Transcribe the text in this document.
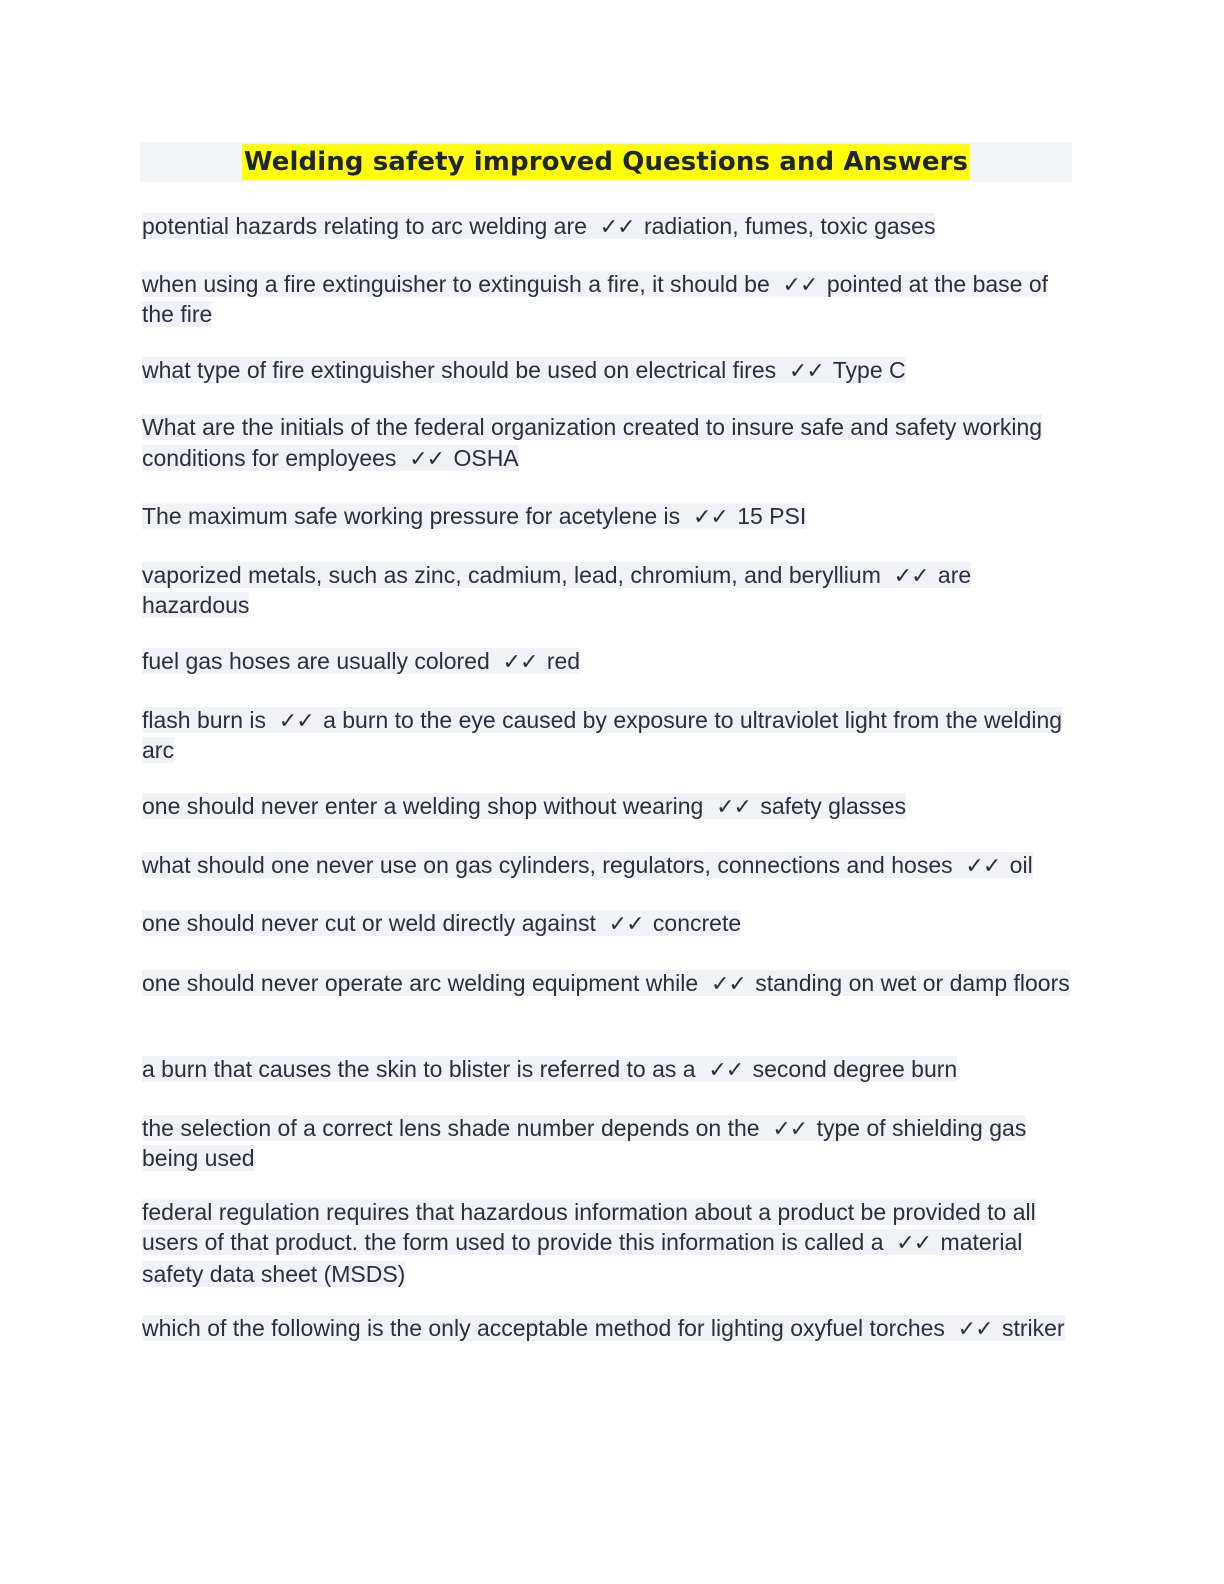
Welding safety improved Questions and Answers
potential hazards relating to arc welding are ✓✓ radiation, fumes, toxic gases
when using a fire extinguisher to extinguish a fire, it should be ✓✓ pointed at the base of the fire
what type of fire extinguisher should be used on electrical fires ✓✓ Type C
What are the initials of the federal organization created to insure safe and safety working conditions for employees ✓✓ OSHA
The maximum safe working pressure for acetylene is ✓✓ 15 PSI
vaporized metals, such as zinc, cadmium, lead, chromium, and beryllium ✓✓ are hazardous
fuel gas hoses are usually colored ✓✓ red
flash burn is ✓✓ a burn to the eye caused by exposure to ultraviolet light from the welding arc
one should never enter a welding shop without wearing ✓✓ safety glasses
what should one never use on gas cylinders, regulators, connections and hoses ✓✓ oil
one should never cut or weld directly against ✓✓ concrete
one should never operate arc welding equipment while ✓✓ standing on wet or damp floors
a burn that causes the skin to blister is referred to as a ✓✓ second degree burn
the selection of a correct lens shade number depends on the ✓✓ type of shielding gas being used
federal regulation requires that hazardous information about a product be provided to all users of that product. the form used to provide this information is called a ✓✓ material safety data sheet (MSDS)
which of the following is the only acceptable method for lighting oxyfuel torches ✓✓ striker
